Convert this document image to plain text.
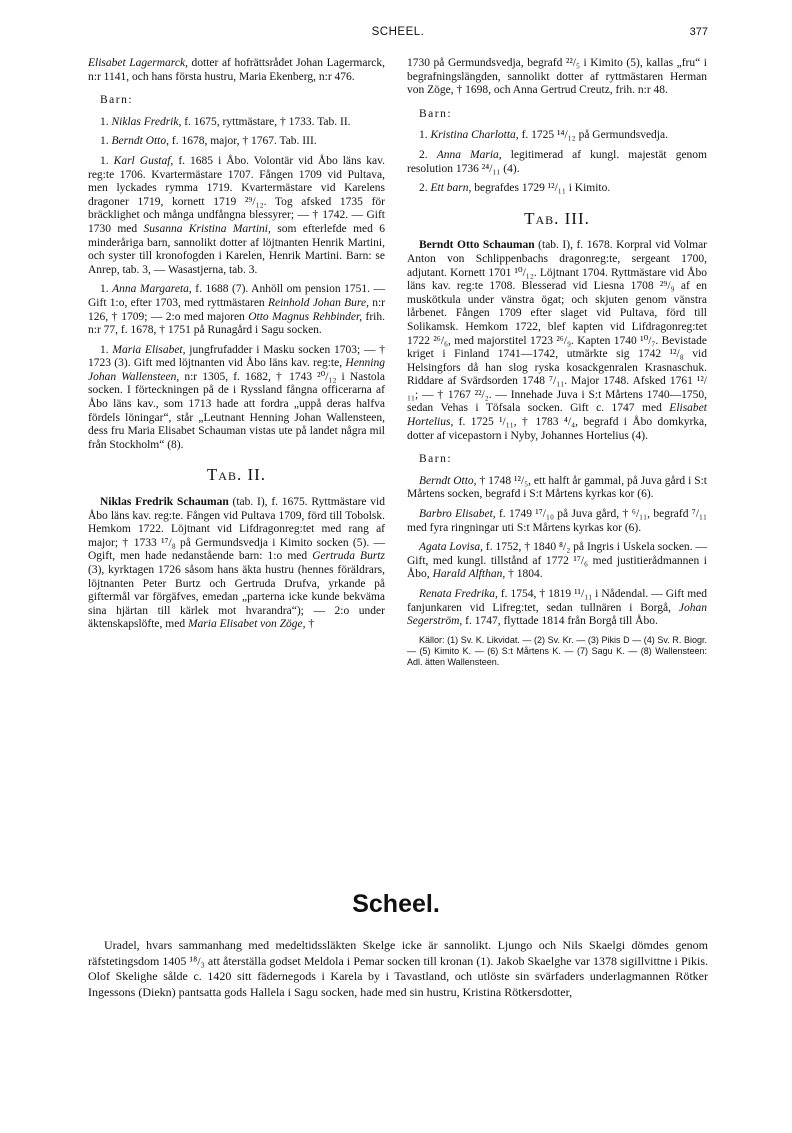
SCHEEL.	377

Elisabet Lagermarck, dotter af hofrättsrådet Johan Lagermarck, n:r 1141, och hans första hustru, Maria Ekenberg, n:r 476.

Barn:

1. Niklas Fredrik, f. 1675, ryttmästare, † 1733. Tab. II.

1. Berndt Otto, f. 1678, major, † 1767. Tab. III.

1. Karl Gustaf, f. 1685 i Åbo. Volontär vid Åbo läns kav. reg:te 1706. Kvartermästare 1707. Fången 1709 vid Pultava, men lyckades rymma 1719. Kvartermästare vid Karelens dragoner 1719, kornett 1719 ²⁹/₁₂. Tog afsked 1735 för bräcklighet och många undfångna blessyrer; — † 1742. — Gift 1730 med Susanna Kristina Martini, som efterlefde med 6 minderåriga barn, sannolikt dotter af löjtnanten Henrik Martini, och syster till kronofogden i Karelen, Henrik Martini. Barn: se Anrep, tab. 3, — Wasastjerna, tab. 3.

1. Anna Margareta, f. 1688 (7). Anhöll om pension 1751. — Gift 1:o, efter 1703, med ryttmästaren Reinhold Johan Bure, n:r 126, † 1709; — 2:o med majoren Otto Magnus Rehbinder, frih. n:r 77, f. 1678, † 1751 på Runagård i Sagu socken.

1. Maria Elisabet, jungfrufadder i Masku socken 1703; — † 1723 (3). Gift med löjtnanten vid Åbo läns kav. reg:te, Henning Johan Wallensteen, n:r 1305, f. 1682, † 1743 ²⁰/₁₂ i Nastola socken. I förteckningen på de i Ryssland fångna officerarna af Åbo läns kav., som 1713 hade att fordra „uppå deras halfva fördels löningar“, står „Leutnant Henning Johan Wallensteen, dess fru Maria Elisabet Schauman vistas ute på landet några mil från Stockholm“ (8).

Tab. II.

Niklas Fredrik Schauman (tab. I), f. 1675. Ryttmästare vid Åbo läns kav. reg:te. Fången vid Pultava 1709, förd till Tobolsk. Hemkom 1722. Löjtnant vid Lifdragonreg:tet med rang af major; † 1733 ¹⁷/₈ på Germundsvedja i Kimito socken (5). — Ogift, men hade nedanstående barn: 1:o med Gertruda Burtz (3), kyrktagen 1726 såsom hans äkta hustru (hennes föräldrars, löjtnanten Peter Burtz och Gertruda Drufva, yrkande på giftermål var förgäfves, emedan „parterna icke kunde bekväma sina hjärtan till kärlek mot hvarandra“); — 2:o under äktenskapslöfte, med Maria Elisabet von Zöge, †

1730 på Germundsvedja, begrafd ²²/₅ i Kimito (5), kallas „fru“ i begrafningslängden, sannolikt dotter af ryttmästaren Herman von Zöge, † 1698, och Anna Gertrud Creutz, frih. n:r 48.

Barn:

1. Kristina Charlotta, f. 1725 ¹⁴/₁₂ på Germundsvedja.

2. Anna Maria, legitimerad af kungl. majestät genom resolution 1736 ²⁴/₁₁ (4).

2. Ett barn, begrafdes 1729 ¹²/₁₁ i Kimito.

Tab. III.

Berndt Otto Schauman (tab. I), f. 1678. Korpral vid Volmar Anton von Schlippenbachs dragonreg:te, sergeant 1700, adjutant. Kornett 1701 ¹⁰/₁₂. Löjtnant 1704. Ryttmästare vid Åbo läns kav. reg:te 1708. Blesserad vid Liesna 1708 ²⁹/₉ af en muskötkula under vänstra ögat; och skjuten genom vänstra lårbenet. Fången 1709 efter slaget vid Pultava, förd till Solikamsk. Hemkom 1722, blef kapten vid Lifdragonreg:tet 1722 ²⁶/₆, med majorstitel 1723 ²⁶/₉. Kapten 1740 ¹⁰/₇. Bevistade kriget i Finland 1741—1742, utmärkte sig 1742 ¹²/₈ vid Helsingfors då han slog ryska kosackgenralen Krasnaschuk. Riddare af Svärdsorden 1748 ⁷/₁₁. Major 1748. Afsked 1761 ¹²/₁₁; — † 1767 ²²/₂. — Innehade Juva i S:t Mårtens 1740—1750, sedan Vehas i Töfsala socken. Gift c. 1747 med Elisabet Hortelius, f. 1725 ¹/₁₁, † 1783 ⁴/₄, begrafd i Åbo domkyrka, dotter af vicepastorn i Nyby, Johannes Hortelius (4).

Barn:

Berndt Otto, † 1748 ¹²/₅, ett halft år gammal, på Juva gård i S:t Mårtens socken, begrafd i S:t Mårtens kyrkas kor (6).

Barbro Elisabet, f. 1749 ¹⁷/₁₀ på Juva gård, † ⁶/₁₁, begrafd ⁷/₁₁ med fyra ringningar uti S:t Mårtens kyrkas kor (6).

Agata Lovisa, f. 1752, † 1840 ⁸/₂ på Ingris i Uskela socken. — Gift, med kungl. tillstånd af 1772 ¹⁷/₆ med justitierådmannen i Åbo, Harald Alfthan, † 1804.

Renata Fredrika, f. 1754, † 1819 ¹¹/₁₁ i Nådendal. — Gift med fanjunkaren vid Lifreg:tet, sedan tullnären i Borgå, Johan Segerström, f. 1747, flyttade 1814 från Borgå till Åbo.

Källor: (1) Sv. K. Likvidat. — (2) Sv. Kr. — (3) Pikis D — (4) Sv. R. Biogr. — (5) Kimito K. — (6) S:t Mårtens K. — (7) Sagu K. — (8) Wallensteen: Adl. ätten Wallensteen.

Scheel.

Uradel, hvars sammanhang med medeltidssläkten Skelge icke är sannolikt. Ljungo och Nils Skaelgi dömdes genom räfstetingsdom 1405 ¹⁸/₃ att återställa godset Meldola i Pemar socken till kronan (1). Jakob Skaelghe var 1378 sigillvittne i Pikis. Olof Skelighe sålde c. 1420 sitt fädernegods i Karela by i Tavastland, och utlöste sin svärfaders underlagmannen Rötker Ingessons (Diekn) pantsatta gods Hallela i Sagu socken, hade med sin hustru, Kristina Rötkersdotter,
